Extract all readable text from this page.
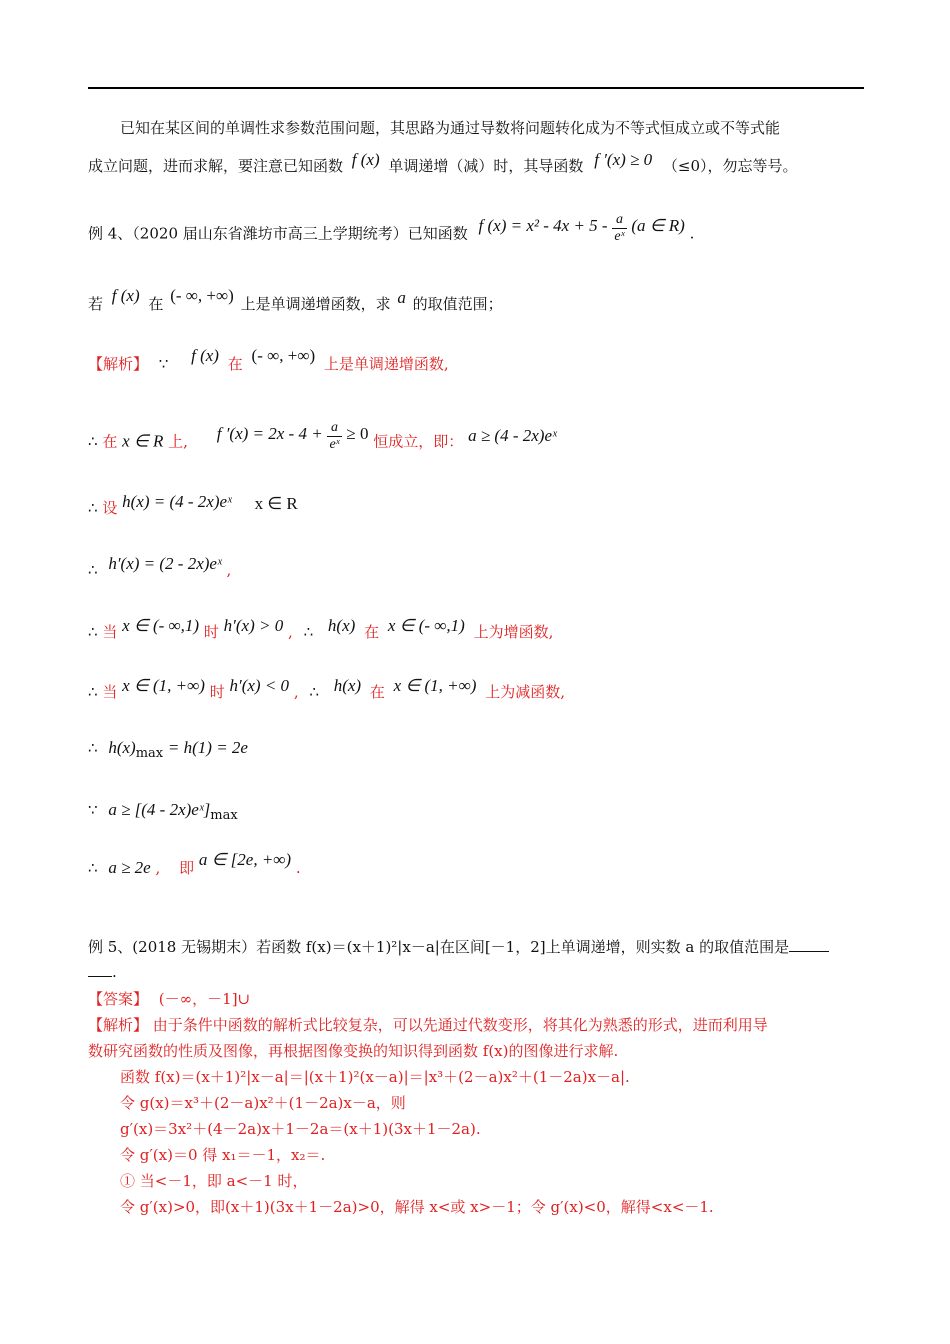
已知在某区间的单调性求参数范围问题，其思路为通过导数将问题转化成为不等式恒成立或不等式能
成立问题，进而求解，要注意已知函数 f (x) 单调递增（减）时，其导函数 f ′(x) ≥ 0 （≤0），勿忘等号。
例 4、（2020 届山东省潍坊市高三上学期统考）已知函数 f $(x) = x^2 - 4x + 5 - \frac{a}{\text{eˣ}} (a$ ∈ R) .
若 f (x) 在 (- ∞, +∞) 上是单调递增函数，求 a 的取值范围；
【解析】 ∵ f (x) 在 (- ∞, +∞) 上是单调递增函数,
∴ 在 x ∈ R 上, f $'(x) = 2x - 4 + \frac{a}{\text{eˣ}} \ge 0$ 恒成立，即： a ≥ (4 - 2x)eˣ
∴ 设 h(x) = (4 - 2x)eˣ x ∈ R
∴ h′(x) = (2 - 2x)eˣ ,
∴ 当 x ∈ (- ∞,1) 时 h′(x) > 0 , ∴ h(x) 在 x ∈ (- ∞,1) 上为增函数,
∴ 当 x ∈ (1, +∞) 时 h′(x) < 0 , ∴ h(x) 在 x ∈ (1, +∞) 上为减函数,
∴ $h(x)_{max} = h(1) = 2e$
∵ $a \ge [(4 - 2x)eˣ]_{max}$
∴ a ≥ 2e , 即 a ∈ [2e, +∞) .
例 5、(2018 无锡期末）若函数 f(x)＝(x＋1)²|x－a|在区间[－1，2]上单调递增，则实数 a 的取值范围是
.
【答案】 (－∞，－1]∪
【解析】 由于条件中函数的解析式比较复杂，可以先通过代数变形，将其化为熟悉的形式，进而利用导
数研究函数的性质及图像，再根据图像变换的知识得到函数 f(x)的图像进行求解.
函数 f(x)＝(x＋1)²|x－a|＝|(x＋1)²(x－a)|＝|x³＋(2－a)x²＋(1－2a)x－a|.
令 g(x)＝x³＋(2－a)x²＋(1－2a)x－a，则
g′(x)＝3x²＋(4－2a)x＋1－2a＝(x＋1)(3x＋1－2a).
令 g′(x)＝0 得 x₁＝－1，x₂＝.
① 当<－1，即 a<－1 时，
令 g′(x)>0，即(x＋1)(3x＋1－2a)>0，解得 x<或 x>－1；令 g′(x)<0，解得<x<－1.
